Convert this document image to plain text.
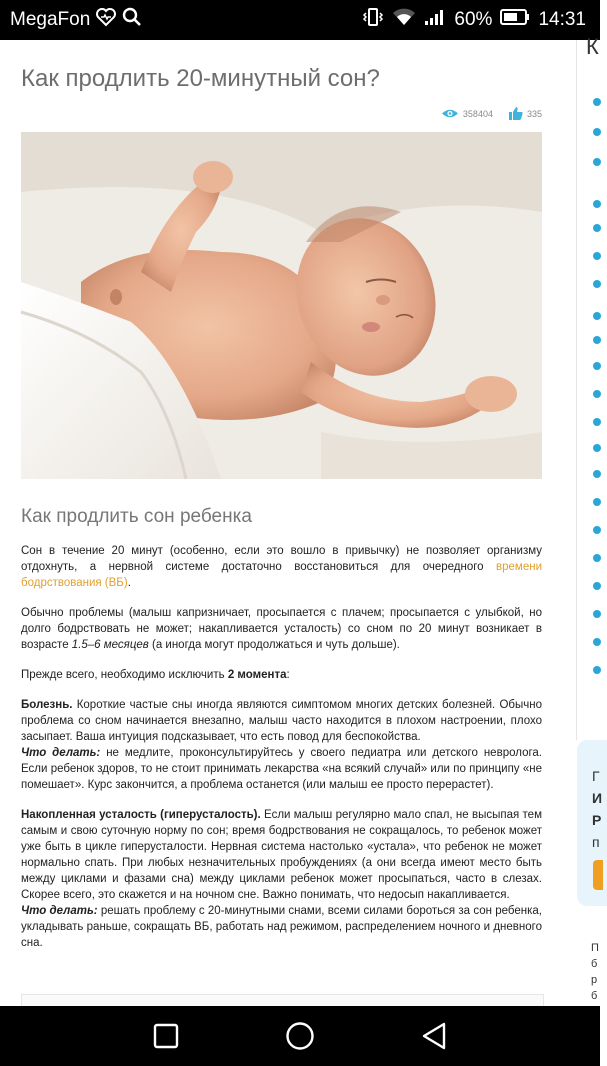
MegaFon	60% 14:31
Как продлить 20-минутный сон?
358404	335
Как продлить сон ребенка

Сон в течение 20 минут (особенно, если это вошло в привычку) не позволяет организму отдохнуть, а нервной системе достаточно восстановиться для очередного времени бодрствования (ВБ).

Обычно проблемы (малыш капризничает, просыпается с плачем; просыпается с улыбкой, но долго бодрствовать не может; накапливается усталость) со сном по 20 минут возникает в возрасте 1.5–6 месяцев (а иногда могут продолжаться и чуть дольше).

Прежде всего, необходимо исключить 2 момента:

Болезнь. Короткие частые сны иногда являются симптомом многих детских болезней. Обычно проблема со сном начинается внезапно, малыш часто находится в плохом настроении, плохо засыпает. Ваша интуиция подсказывает, что есть повод для беспокойства.

Что делать: не медлите, проконсультируйтесь у своего педиатра или детского невролога. Если ребенок здоров, то не стоит принимать лекарства «на всякий случай» или по принципу «не помешает». Курс закончится, а проблема останется (или малыш ее просто перерастет).

Накопленная усталость (гиперусталость). Если малыш регулярно мало спал, не высыпая тем самым и свою суточную норму по сон; время бодрствования не сокращалось, то ребенок может уже быть в цикле гиперусталости. Нервная система настолько «устала», что ребенок не может нормально спать. При любых незначительных пробуждениях (а они всегда имеют место быть между циклами и фазами сна) между циклами ребенок может просыпаться, часто в слезах. Скорее всего, это скажется и на ночном сне. Важно понимать, что недосып накапливается.

Что делать: решать проблему с 20-минутными снами, всеми силами бороться за сон ребенка, укладывать раньше, сокращать ВБ, работать над режимом, распределением ночного и дневного сна.

К
Г
И
Р
п
П
б
р
б
